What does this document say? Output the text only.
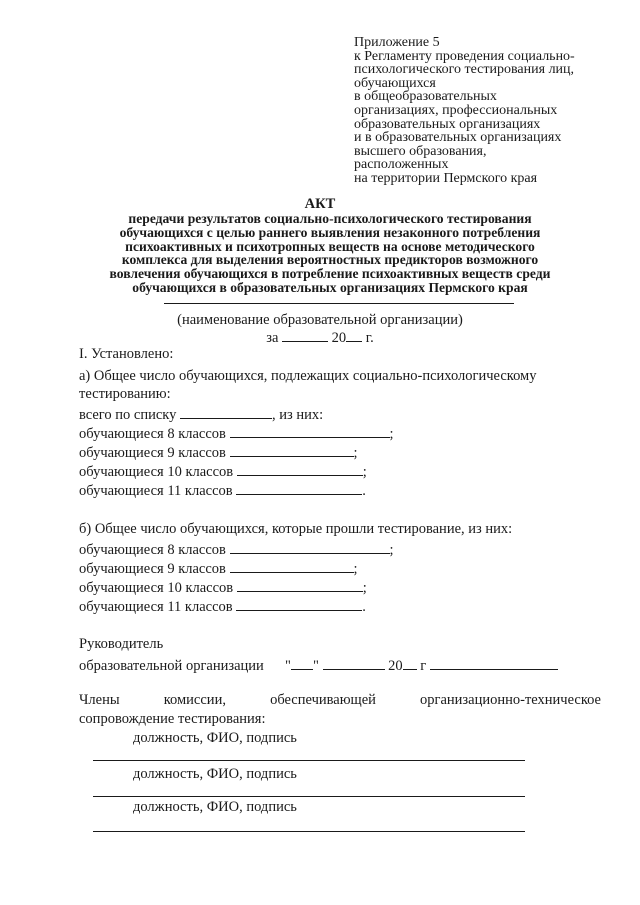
Приложение 5
к Регламенту проведения социально-
психологического тестирования лиц,
обучающихся
в общеобразовательных
организациях, профессиональных
образовательных организациях
и в образовательных организациях
высшего образования,
расположенных
на территории Пермского края
АКТ
передачи результатов социально-психологического тестирования
обучающихся с целью раннего выявления незаконного потребления
психоактивных и психотропных веществ на основе методического
комплекса для выделения вероятностных предикторов возможного
вовлечения обучающихся в потребление психоактивных веществ среди
обучающихся в образовательных организациях Пермского края
(наименование образовательной организации)
за	20 г.
I. Установлено:
а) Общее число обучающихся, подлежащих социально-психологическому
тестированию:
всего по списку	, из них:
обучающиеся 8 классов	;
обучающиеся 9 классов	;
обучающиеся 10 классов	;
обучающиеся 11 классов	.
б) Общее число обучающихся, которые прошли тестирование, из них:
обучающиеся 8 классов	;
обучающиеся 9 классов	;
обучающиеся 10 классов	;
обучающиеся 11 классов	.
Руководитель
образовательной организации " "	20 г
Члены	комиссии,	обеспечивающей	организационно-техническое
сопровождение тестирования:
должность, ФИО, подпись
должность, ФИО, подпись
должность, ФИО, подпись
